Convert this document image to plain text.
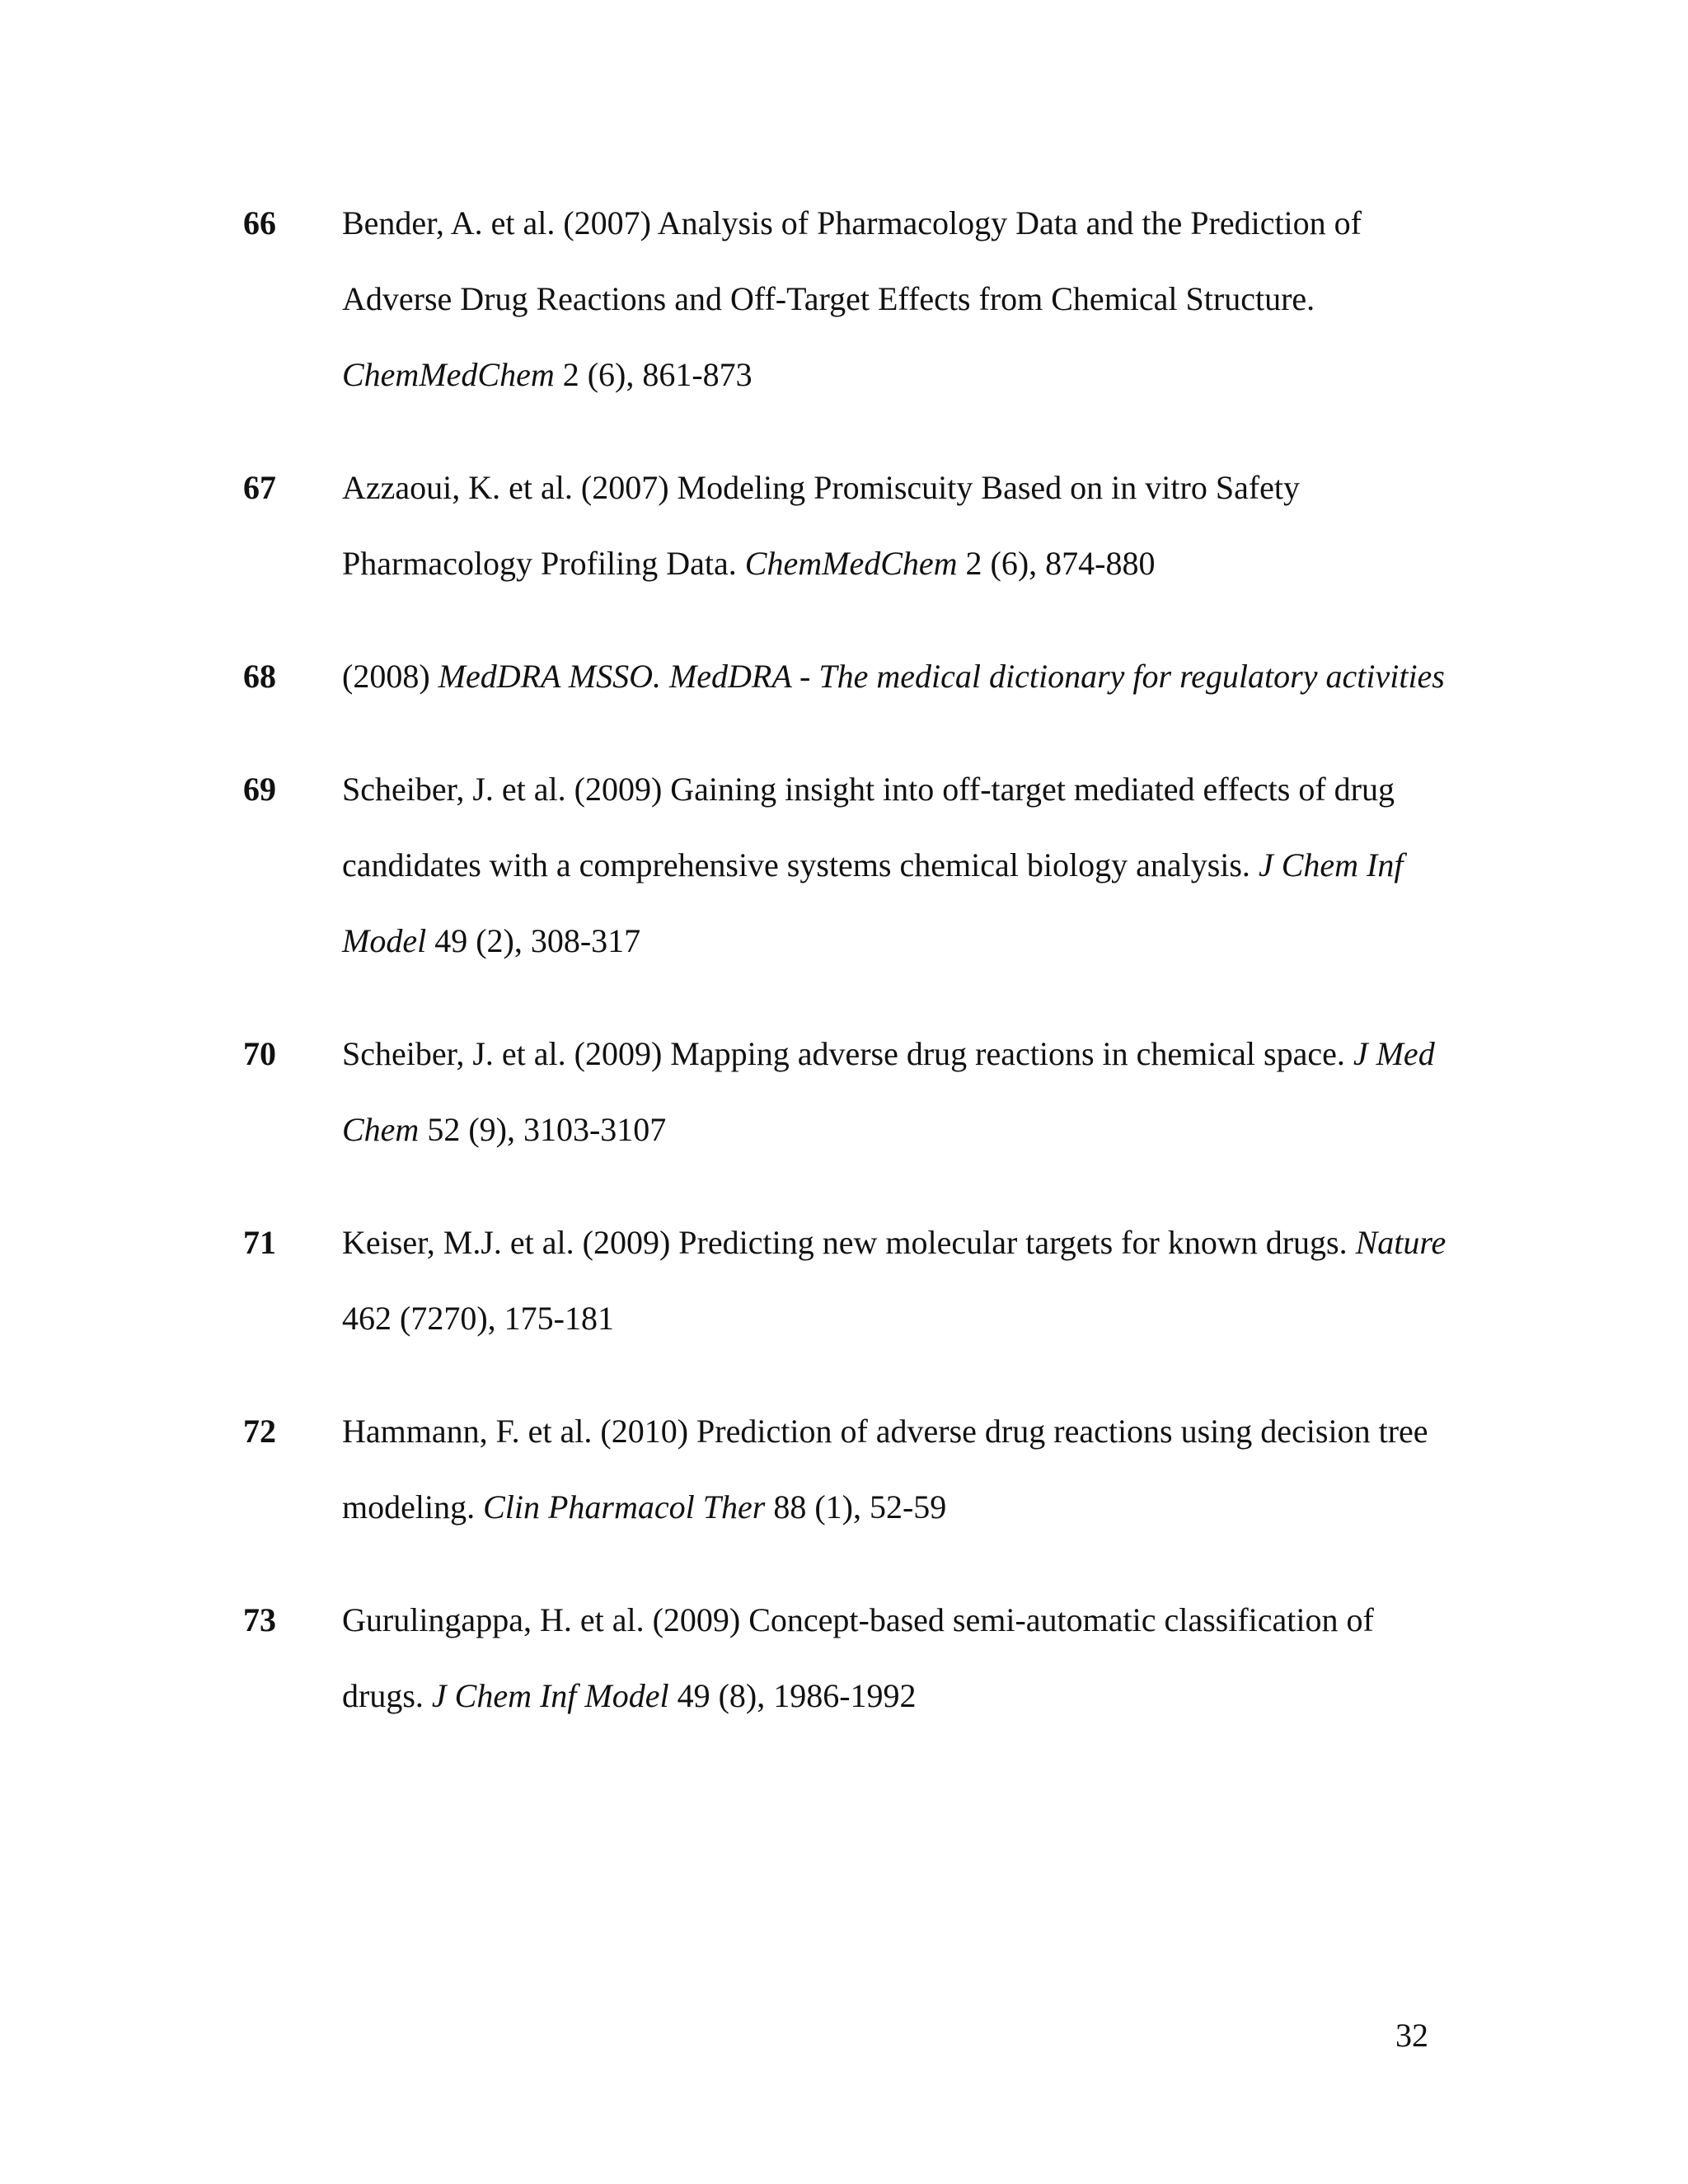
66	Bender, A. et al. (2007) Analysis of Pharmacology Data and the Prediction of Adverse Drug Reactions and Off-Target Effects from Chemical Structure. ChemMedChem 2 (6), 861-873
67	Azzaoui, K. et al. (2007) Modeling Promiscuity Based on in vitro Safety Pharmacology Profiling Data. ChemMedChem 2 (6), 874-880
68	(2008) MedDRA MSSO. MedDRA - The medical dictionary for regulatory activities
69	Scheiber, J. et al. (2009) Gaining insight into off-target mediated effects of drug candidates with a comprehensive systems chemical biology analysis. J Chem Inf Model 49 (2), 308-317
70	Scheiber, J. et al. (2009) Mapping adverse drug reactions in chemical space. J Med Chem 52 (9), 3103-3107
71	Keiser, M.J. et al. (2009) Predicting new molecular targets for known drugs. Nature 462 (7270), 175-181
72	Hammann, F. et al. (2010) Prediction of adverse drug reactions using decision tree modeling. Clin Pharmacol Ther 88 (1), 52-59
73	Gurulingappa, H. et al. (2009) Concept-based semi-automatic classification of drugs. J Chem Inf Model 49 (8), 1986-1992
32
